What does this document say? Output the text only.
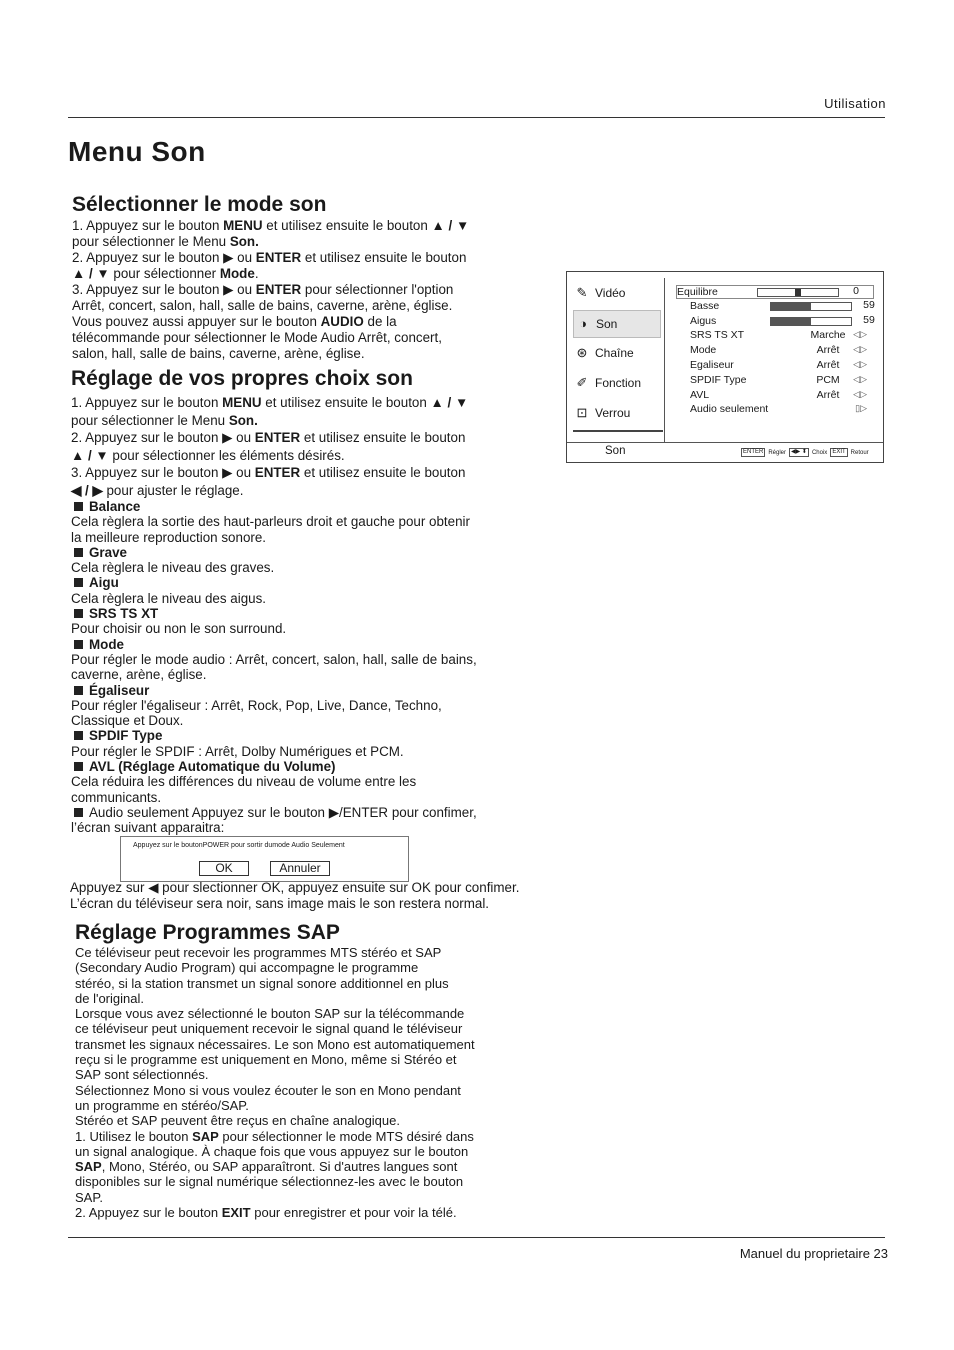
Utilisation
Menu Son
Sélectionner le mode son
1. Appuyez sur le bouton MENU et utilisez ensuite le bouton ▲ / ▼
pour sélectionner le Menu Son.
2. Appuyez sur le bouton ▶ ou ENTER et utilisez ensuite le bouton
▲ / ▼ pour sélectionner Mode.
3. Appuyez sur le bouton ▶ ou ENTER pour sélectionner l'option
Arrêt, concert, salon, hall, salle de bains, caverne, arène, église.
Vous pouvez aussi appuyer sur le bouton AUDIO de la
télécommande pour sélectionner le Mode Audio Arrêt, concert,
salon, hall, salle de bains, caverne, arène, église.
Réglage de vos propres choix son
1. Appuyez sur le bouton MENU et utilisez ensuite le bouton ▲ / ▼
pour sélectionner le Menu Son.
2. Appuyez sur le bouton ▶ ou ENTER et utilisez ensuite le bouton
▲ / ▼ pour sélectionner les éléments désirés.
3. Appuyez sur le bouton ▶ ou ENTER et utilisez ensuite le bouton
◀ / ▶ pour ajuster le réglage.
Balance
Cela règlera la sortie des haut-parleurs droit et gauche pour obtenir
la meilleure reproduction sonore.
Grave
Cela règlera le niveau des graves.
Aigu
Cela règlera le niveau des aigus.
SRS TS XT
Pour choisir ou non le son surround.
Mode
Pour régler le mode audio : Arrêt, concert, salon, hall, salle de bains,
caverne, arène, église.
Égaliseur
Pour régler l'égaliseur : Arrêt, Rock, Pop, Live, Dance, Techno,
Classique et Doux.
SPDIF Type
Pour régler le SPDIF : Arrêt, Dolby Numérigues et PCM.
AVL (Réglage Automatique du Volume)
Cela réduira les différences du niveau de volume entre les
communicants.
Audio seulement Appuyez sur le bouton ▶/ENTER pour confimer,
l’écran suivant apparaitra:
Appuyez sur le boutonPOWER pour sortir dumode Audio Seulement
OK	Annuler
Appuyez sur ◀ pour slectionner OK, appuyez ensuite sur OK pour confimer.
L’écran du téléviseur sera noir, sans image mais le son restera normal.
Réglage Programmes SAP
Ce téléviseur peut recevoir les programmes MTS stéréo et SAP
(Secondary Audio Program) qui accompagne le programme
stéréo, si la station transmet un signal sonore additionnel en plus
de l'original.
Lorsque vous avez sélectionné le bouton SAP sur la télécommande
ce téléviseur peut uniquement recevoir le signal quand le téléviseur
transmet les signaux nécessaires. Le son Mono est automatiquement
reçu si le programme est uniquement en Mono, même si Stéréo et
SAP sont sélectionnés.
Sélectionnez Mono si vous voulez écouter le son en Mono pendant
un programme en stéréo/SAP.
Stéréo et SAP peuvent être reçus en chaîne analogique.
1. Utilisez le bouton SAP pour sélectionner le mode MTS désiré dans
un signal analogique. À chaque fois que vous appuyez sur le bouton
SAP, Mono, Stéréo, ou SAP apparaîtront. Si d'autres langues sont
disponibles sur le signal numérique sélectionnez-les avec le bouton
SAP.
2. Appuyez sur le bouton EXIT pour enregistrer et pour voir la télé.
✎ Vidéo
◑ Son
⊛ Chaîne
✐ Fonction
⊡ Verrou
Equilibre	0
Basse	59
Aigus	59
SRS TS XT	Marche ◁▷
Mode	Arrêt	◁▷
Egaliseur	Arrêt	◁▷
SPDIF Type	PCM	◁▷
AVL	Arrêt	◁▷
Audio seulement	▯▷
Son	ENTER Régler ◀▶ ⬍ Choix EXIT Retour
Manuel du proprietaire 23
